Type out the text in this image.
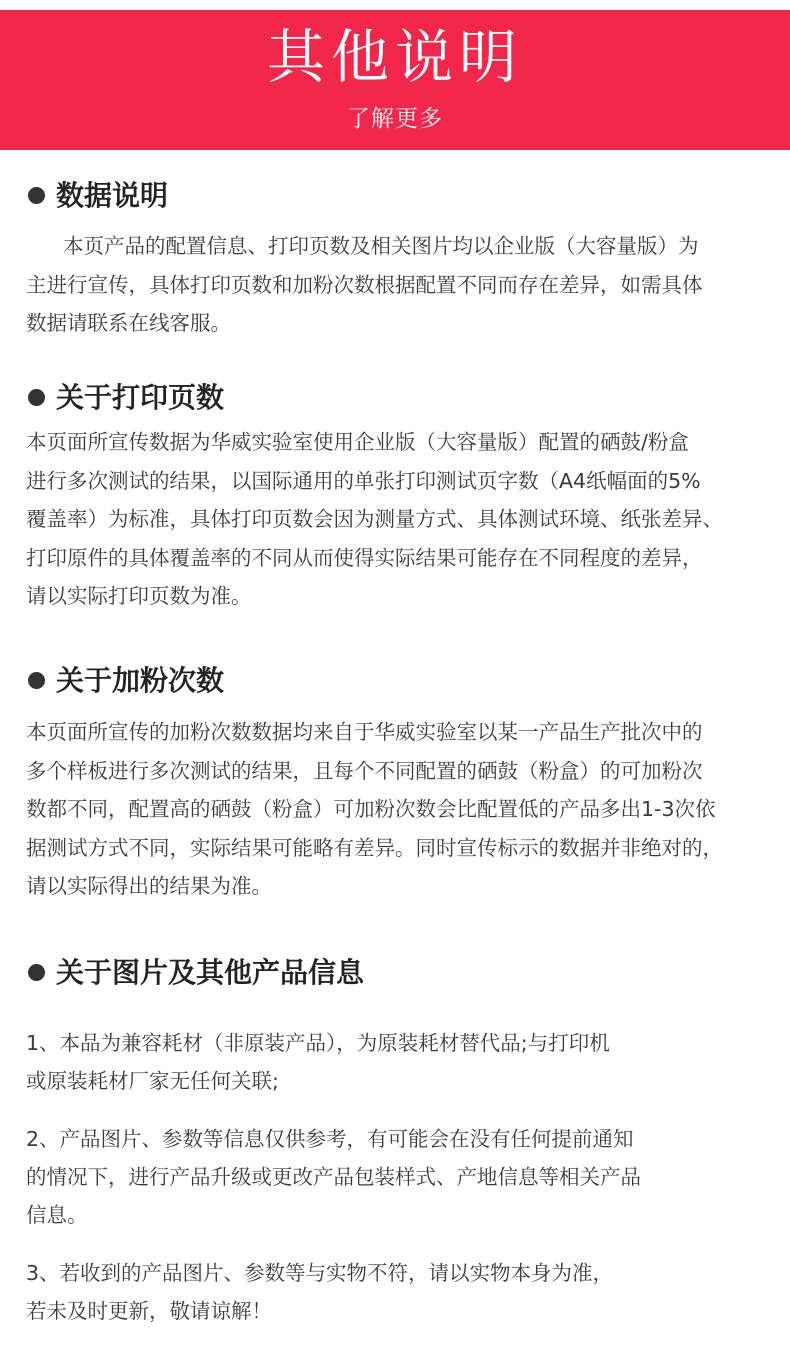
其他说明
了解更多
数据说明

本页产品的配置信息、打印页数及相关图片均以企业版（大容量版）为
主进行宣传，具体打印页数和加粉次数根据配置不同而存在差异，如需具体
数据请联系在线客服。

关于打印页数

本页面所宣传数据为华威实验室使用企业版（大容量版）配置的硒鼓/粉盒
进行多次测试的结果，以国际通用的单张打印测试页字数（A4纸幅面的5%
覆盖率）为标准，具体打印页数会因为测量方式、具体测试环境、纸张差异、
打印原件的具体覆盖率的不同从而使得实际结果可能存在不同程度的差异，
请以实际打印页数为准。

关于加粉次数

本页面所宣传的加粉次数数据均来自于华威实验室以某一产品生产批次中的
多个样板进行多次测试的结果，且每个不同配置的硒鼓（粉盒）的可加粉次
数都不同，配置高的硒鼓（粉盒）可加粉次数会比配置低的产品多出1-3次依
据测试方式不同，实际结果可能略有差异。同时宣传标示的数据并非绝对的，
请以实际得出的结果为准。

关于图片及其他产品信息

1、本品为兼容耗材（非原装产品），为原装耗材替代品;与打印机
或原装耗材厂家无任何关联;

2、产品图片、参数等信息仅供参考，有可能会在没有任何提前通知
的情况下，进行产品升级或更改产品包装样式、产地信息等相关产品
信息。

3、若收到的产品图片、参数等与实物不符，请以实物本身为准，
若未及时更新，敬请谅解！
